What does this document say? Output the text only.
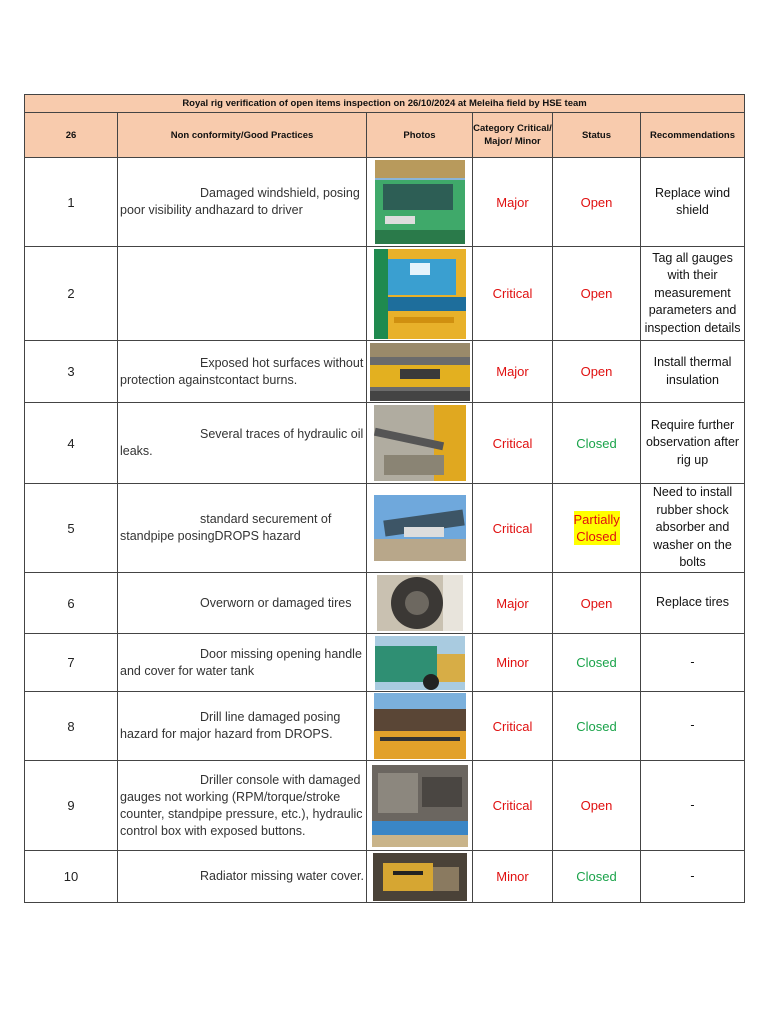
Royal rig verification of open items inspection on 26/10/2024 at Meleiha field by HSE team					
26	Non conformity/Good Practices	Photos	Category Critical/ Major/ Minor	Status	Recommendations
1	Damaged windshield, posing poor visibility andhazard to driver		Major	Open	Replace wind shield
2			Critical	Open	Tag all gauges with their measurement parameters and inspection details
3	Exposed hot surfaces without protection againstcontact burns.		Major	Open	Install thermal insulation
4	Several traces of hydraulic oil leaks.		Critical	Closed	Require further observation after rig up
5	standard securement of standpipe posingDROPS hazard		Critical	Partially Closed	Need to install rubber shock absorber and washer on the bolts
6	Overworn or damaged tires		Major	Open	Replace tires
7	Door missing opening handle and cover for water tank		Minor	Closed	-
8	Drill line damaged posing hazard for major hazard from DROPS.		Critical	Closed	-
9	Driller console with damaged gauges not working (RPM/torque/stroke counter, standpipe pressure, etc.), hydraulic control box with exposed buttons.		Critical	Open	-
10	Radiator missing water cover.		Minor	Closed	-
